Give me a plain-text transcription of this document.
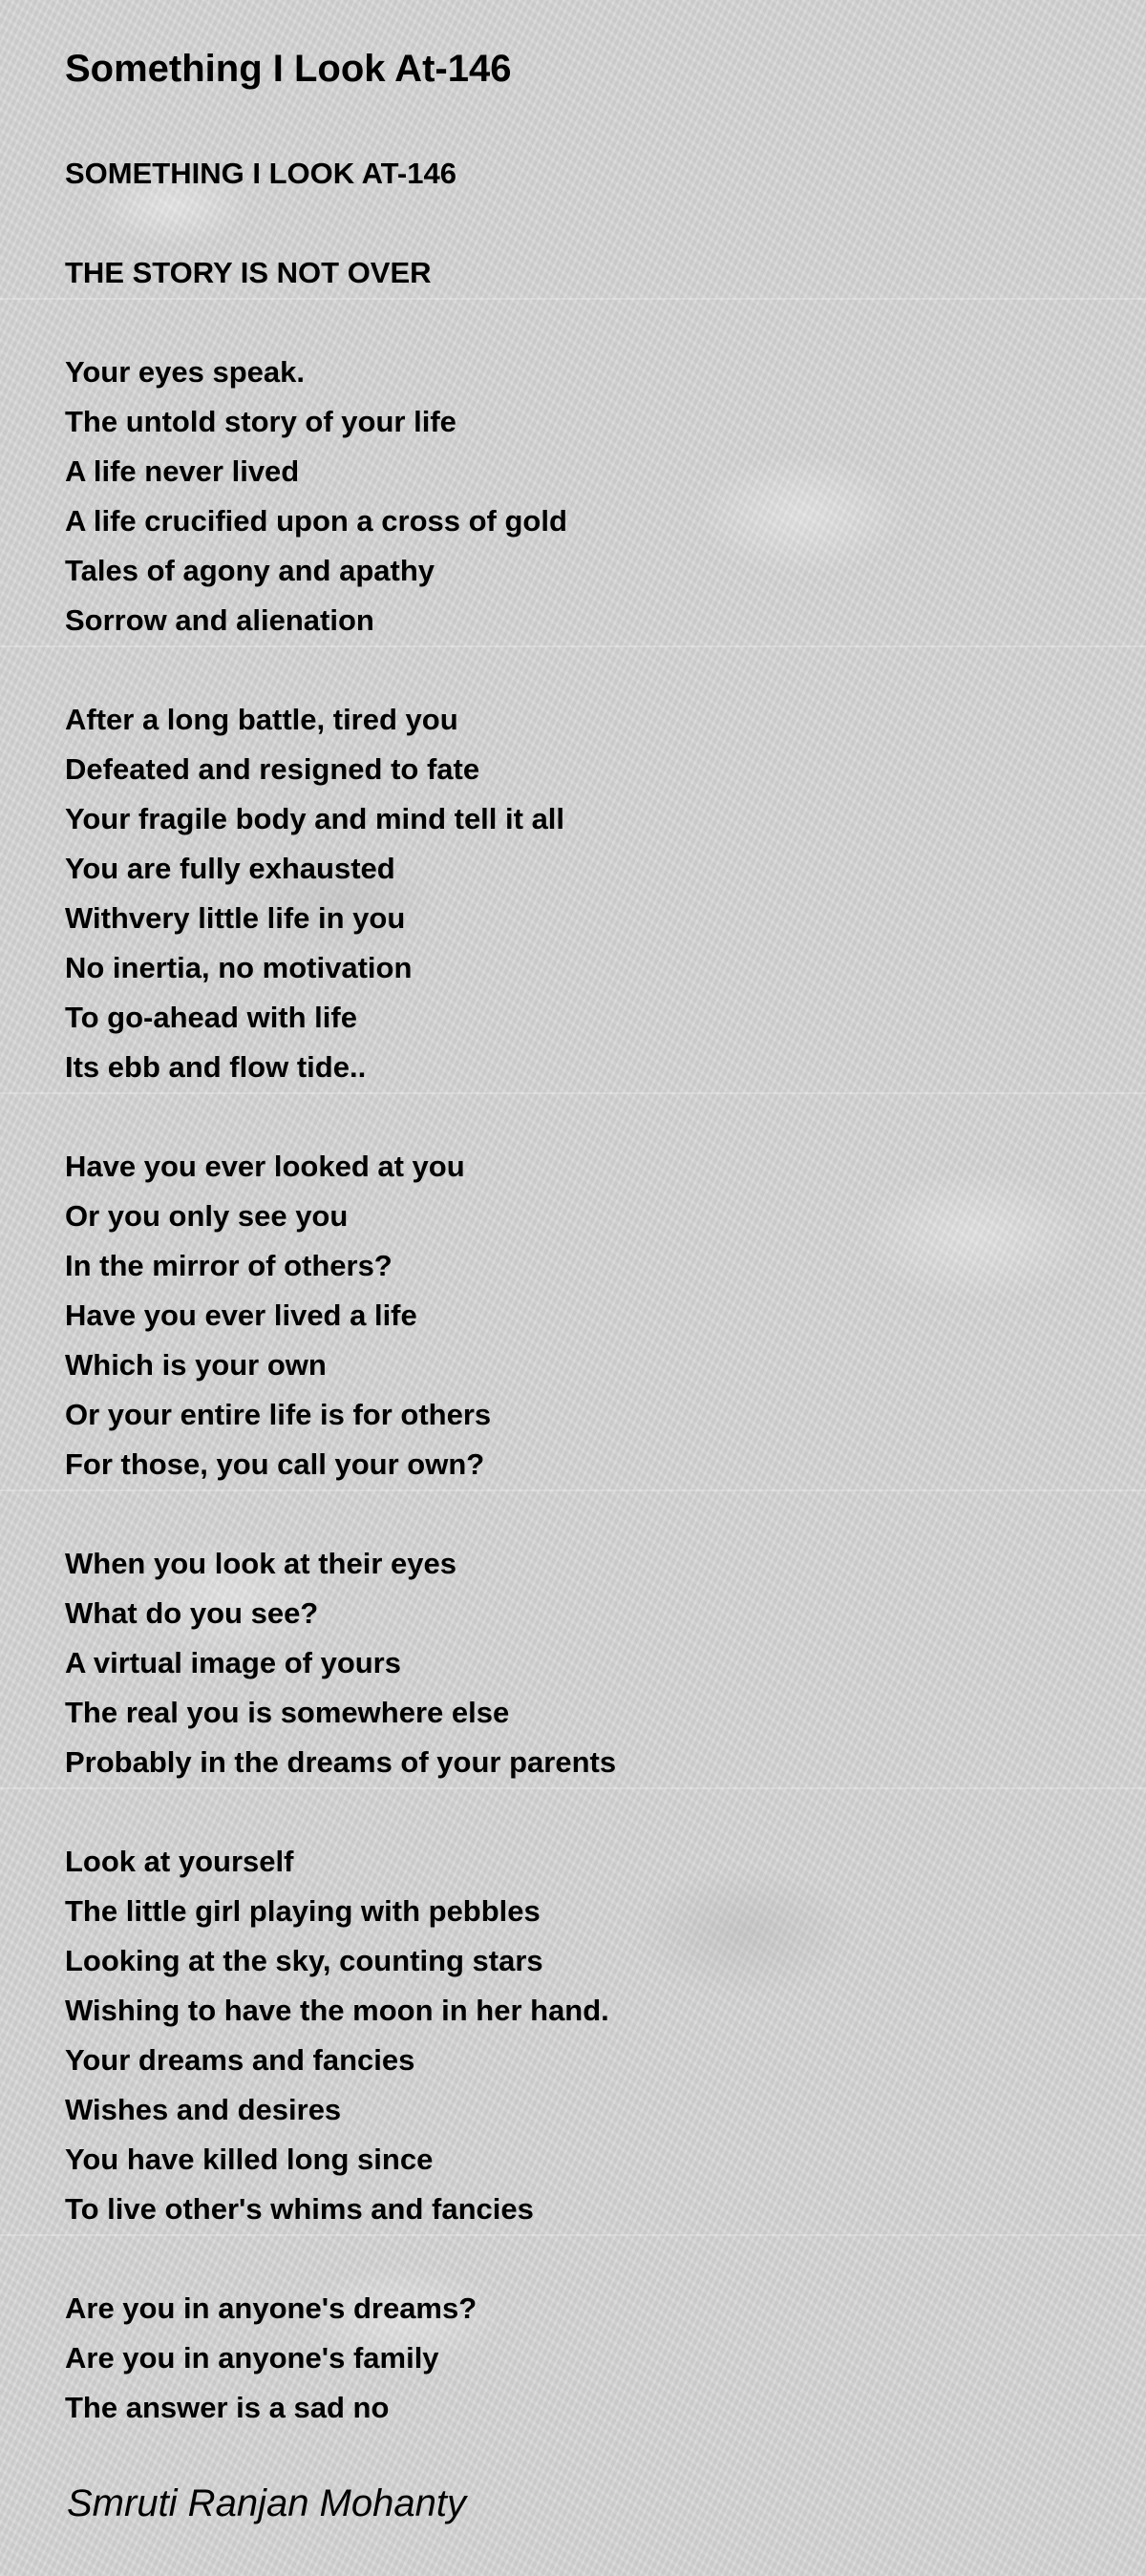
Something I Look At-146
SOMETHING I LOOK AT-146
THE STORY IS NOT OVER
Your eyes speak.
The untold story of your life
A life never lived
A life crucified upon a cross of gold
Tales of agony and apathy
Sorrow and alienation
After a long battle, tired you
Defeated and resigned to fate
Your fragile body and mind tell it all
You are fully exhausted
Withvery little life in you
No inertia, no motivation
To go-ahead with life
Its ebb and flow tide..
Have you ever looked at you
Or you only see you
In the mirror of others?
Have you ever lived a life
Which is your own
Or your entire life is for others
For those, you call your own?
When you look at their eyes
What do you see?
A virtual image of yours
The real you is somewhere else
Probably in the dreams of your parents
Look at yourself
The little girl playing with pebbles
Looking at the sky, counting stars
Wishing to have the moon in her hand.
Your dreams and fancies
Wishes and desires
You have killed long since
To live other's whims and fancies
Are you in anyone's dreams?
Are you in anyone's family
The answer is a sad no
Smruti Ranjan Mohanty
